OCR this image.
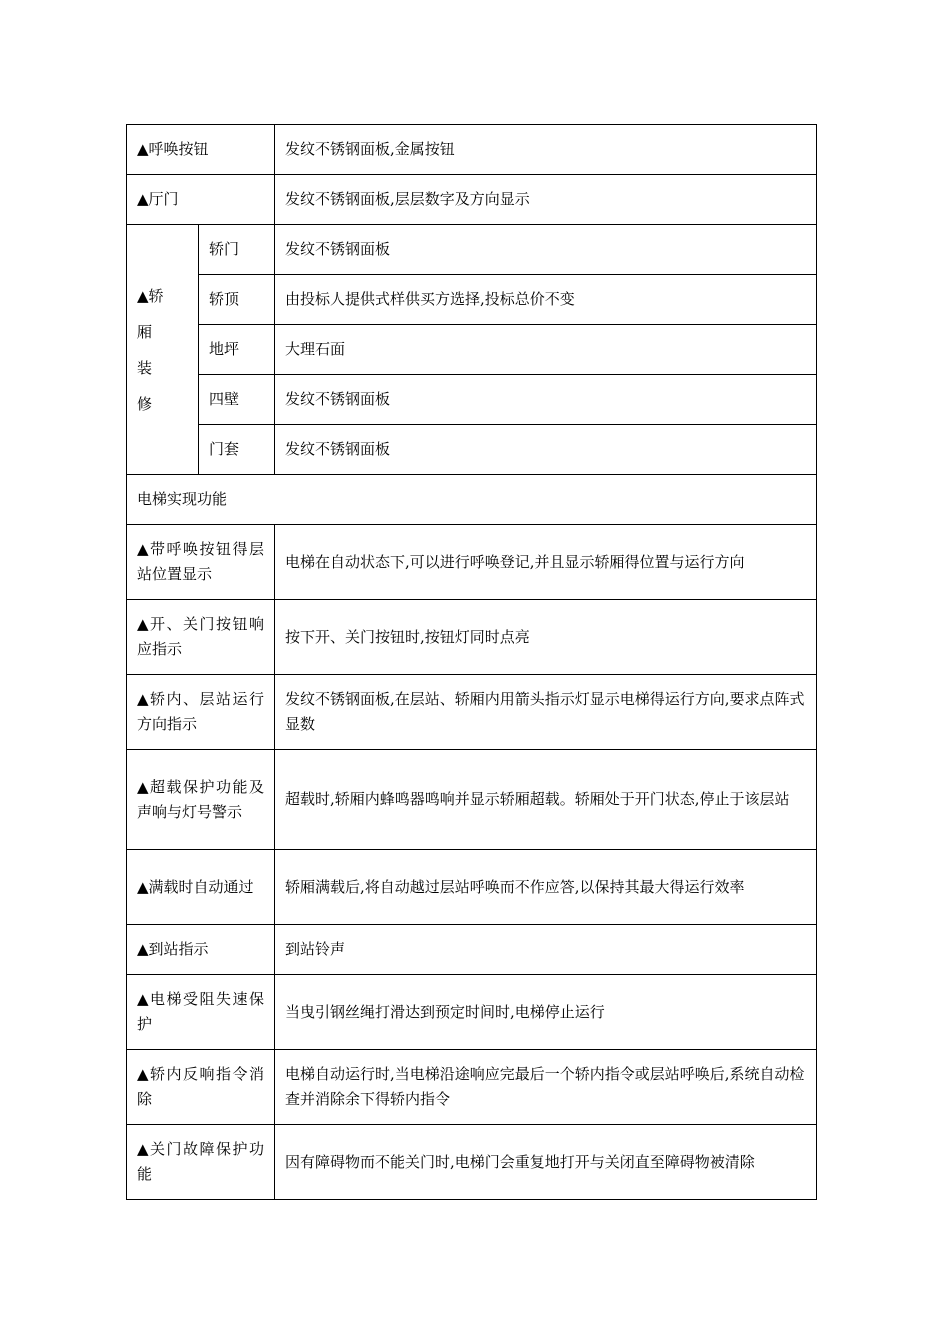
▲呼唤按钮		发纹不锈钢面板,金属按钮
▲厅门		发纹不锈钢面板,层层数字及方向显示

▲轿
厢
装
修	轿门	发纹不锈钢面板
	轿顶	由投标人提供式样供买方选择,投标总价不变
	地坪	大理石面
	四壁	发纹不锈钢面板
	门套	发纹不锈钢面板
电梯实现功能		
▲带呼唤按钮得层站位置显示		电梯在自动状态下,可以进行呼唤登记,并且显示轿厢得位置与运行方向
▲开、关门按钮响应指示		按下开、关门按钮时,按钮灯同时点亮
▲轿内、层站运行方向指示		发纹不锈钢面板,在层站、轿厢内用箭头指示灯显示电梯得运行方向,要求点阵式显数
▲超载保护功能及声响与灯号警示		超载时,轿厢内蜂鸣器鸣响并显示轿厢超载。轿厢处于开门状态,停止于该层站
▲满载时自动通过		轿厢满载后,将自动越过层站呼唤而不作应答,以保持其最大得运行效率
▲到站指示		到站铃声
▲电梯受阻失速保护		当曳引钢丝绳打滑达到预定时间时,电梯停止运行
▲轿内反响指令消除		电梯自动运行时,当电梯沿途响应完最后一个轿内指令或层站呼唤后,系统自动检查并消除余下得轿内指令
▲关门故障保护功能		因有障碍物而不能关门时,电梯门会重复地打开与关闭直至障碍物被清除
